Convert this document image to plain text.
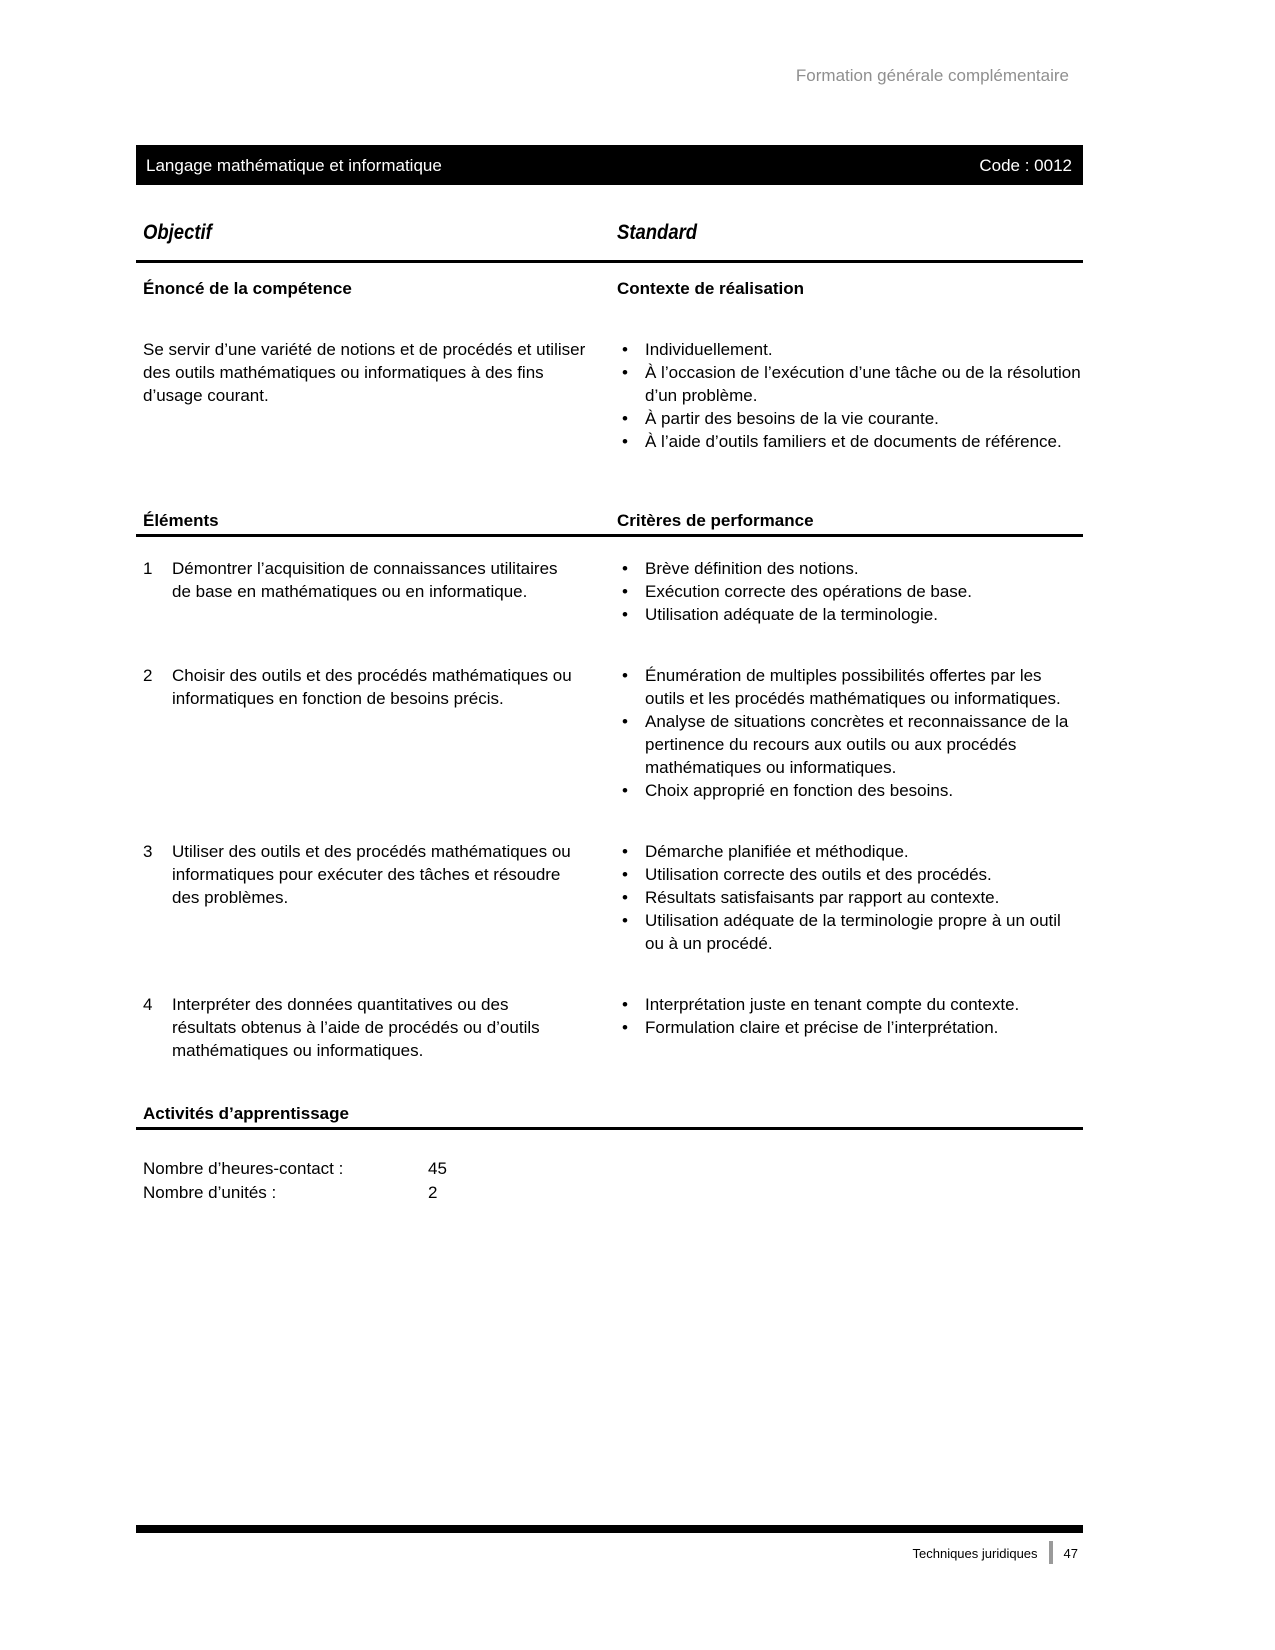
Formation générale complémentaire
Langage mathématique et informatique	Code : 0012
Objectif	Standard
Énoncé de la compétence	Contexte de réalisation
Se servir d’une variété de notions et de procédés et utiliser des outils mathématiques ou informatiques à des fins d’usage courant.
• Individuellement.
• À l’occasion de l’exécution d’une tâche ou de la résolution d’un problème.
• À partir des besoins de la vie courante.
• À l’aide d’outils familiers et de documents de référence.
Éléments	Critères de performance
1	Démontrer l’acquisition de connaissances utilitaires de base en mathématiques ou en informatique.
• Brève définition des notions.
• Exécution correcte des opérations de base.
• Utilisation adéquate de la terminologie.
2	Choisir des outils et des procédés mathématiques ou informatiques en fonction de besoins précis.
• Énumération de multiples possibilités offertes par les outils et les procédés mathématiques ou informatiques.
• Analyse de situations concrètes et reconnaissance de la pertinence du recours aux outils ou aux procédés mathématiques ou informatiques.
• Choix approprié en fonction des besoins.
3	Utiliser des outils et des procédés mathématiques ou informatiques pour exécuter des tâches et résoudre des problèmes.
• Démarche planifiée et méthodique.
• Utilisation correcte des outils et des procédés.
• Résultats satisfaisants par rapport au contexte.
• Utilisation adéquate de la terminologie propre à un outil ou à un procédé.
4	Interpréter des données quantitatives ou des résultats obtenus à l’aide de procédés ou d’outils mathématiques ou informatiques.
• Interprétation juste en tenant compte du contexte.
• Formulation claire et précise de l’interprétation.
Activités d’apprentissage
Nombre d’heures-contact :	45
Nombre d’unités :	2
Techniques juridiques 47
